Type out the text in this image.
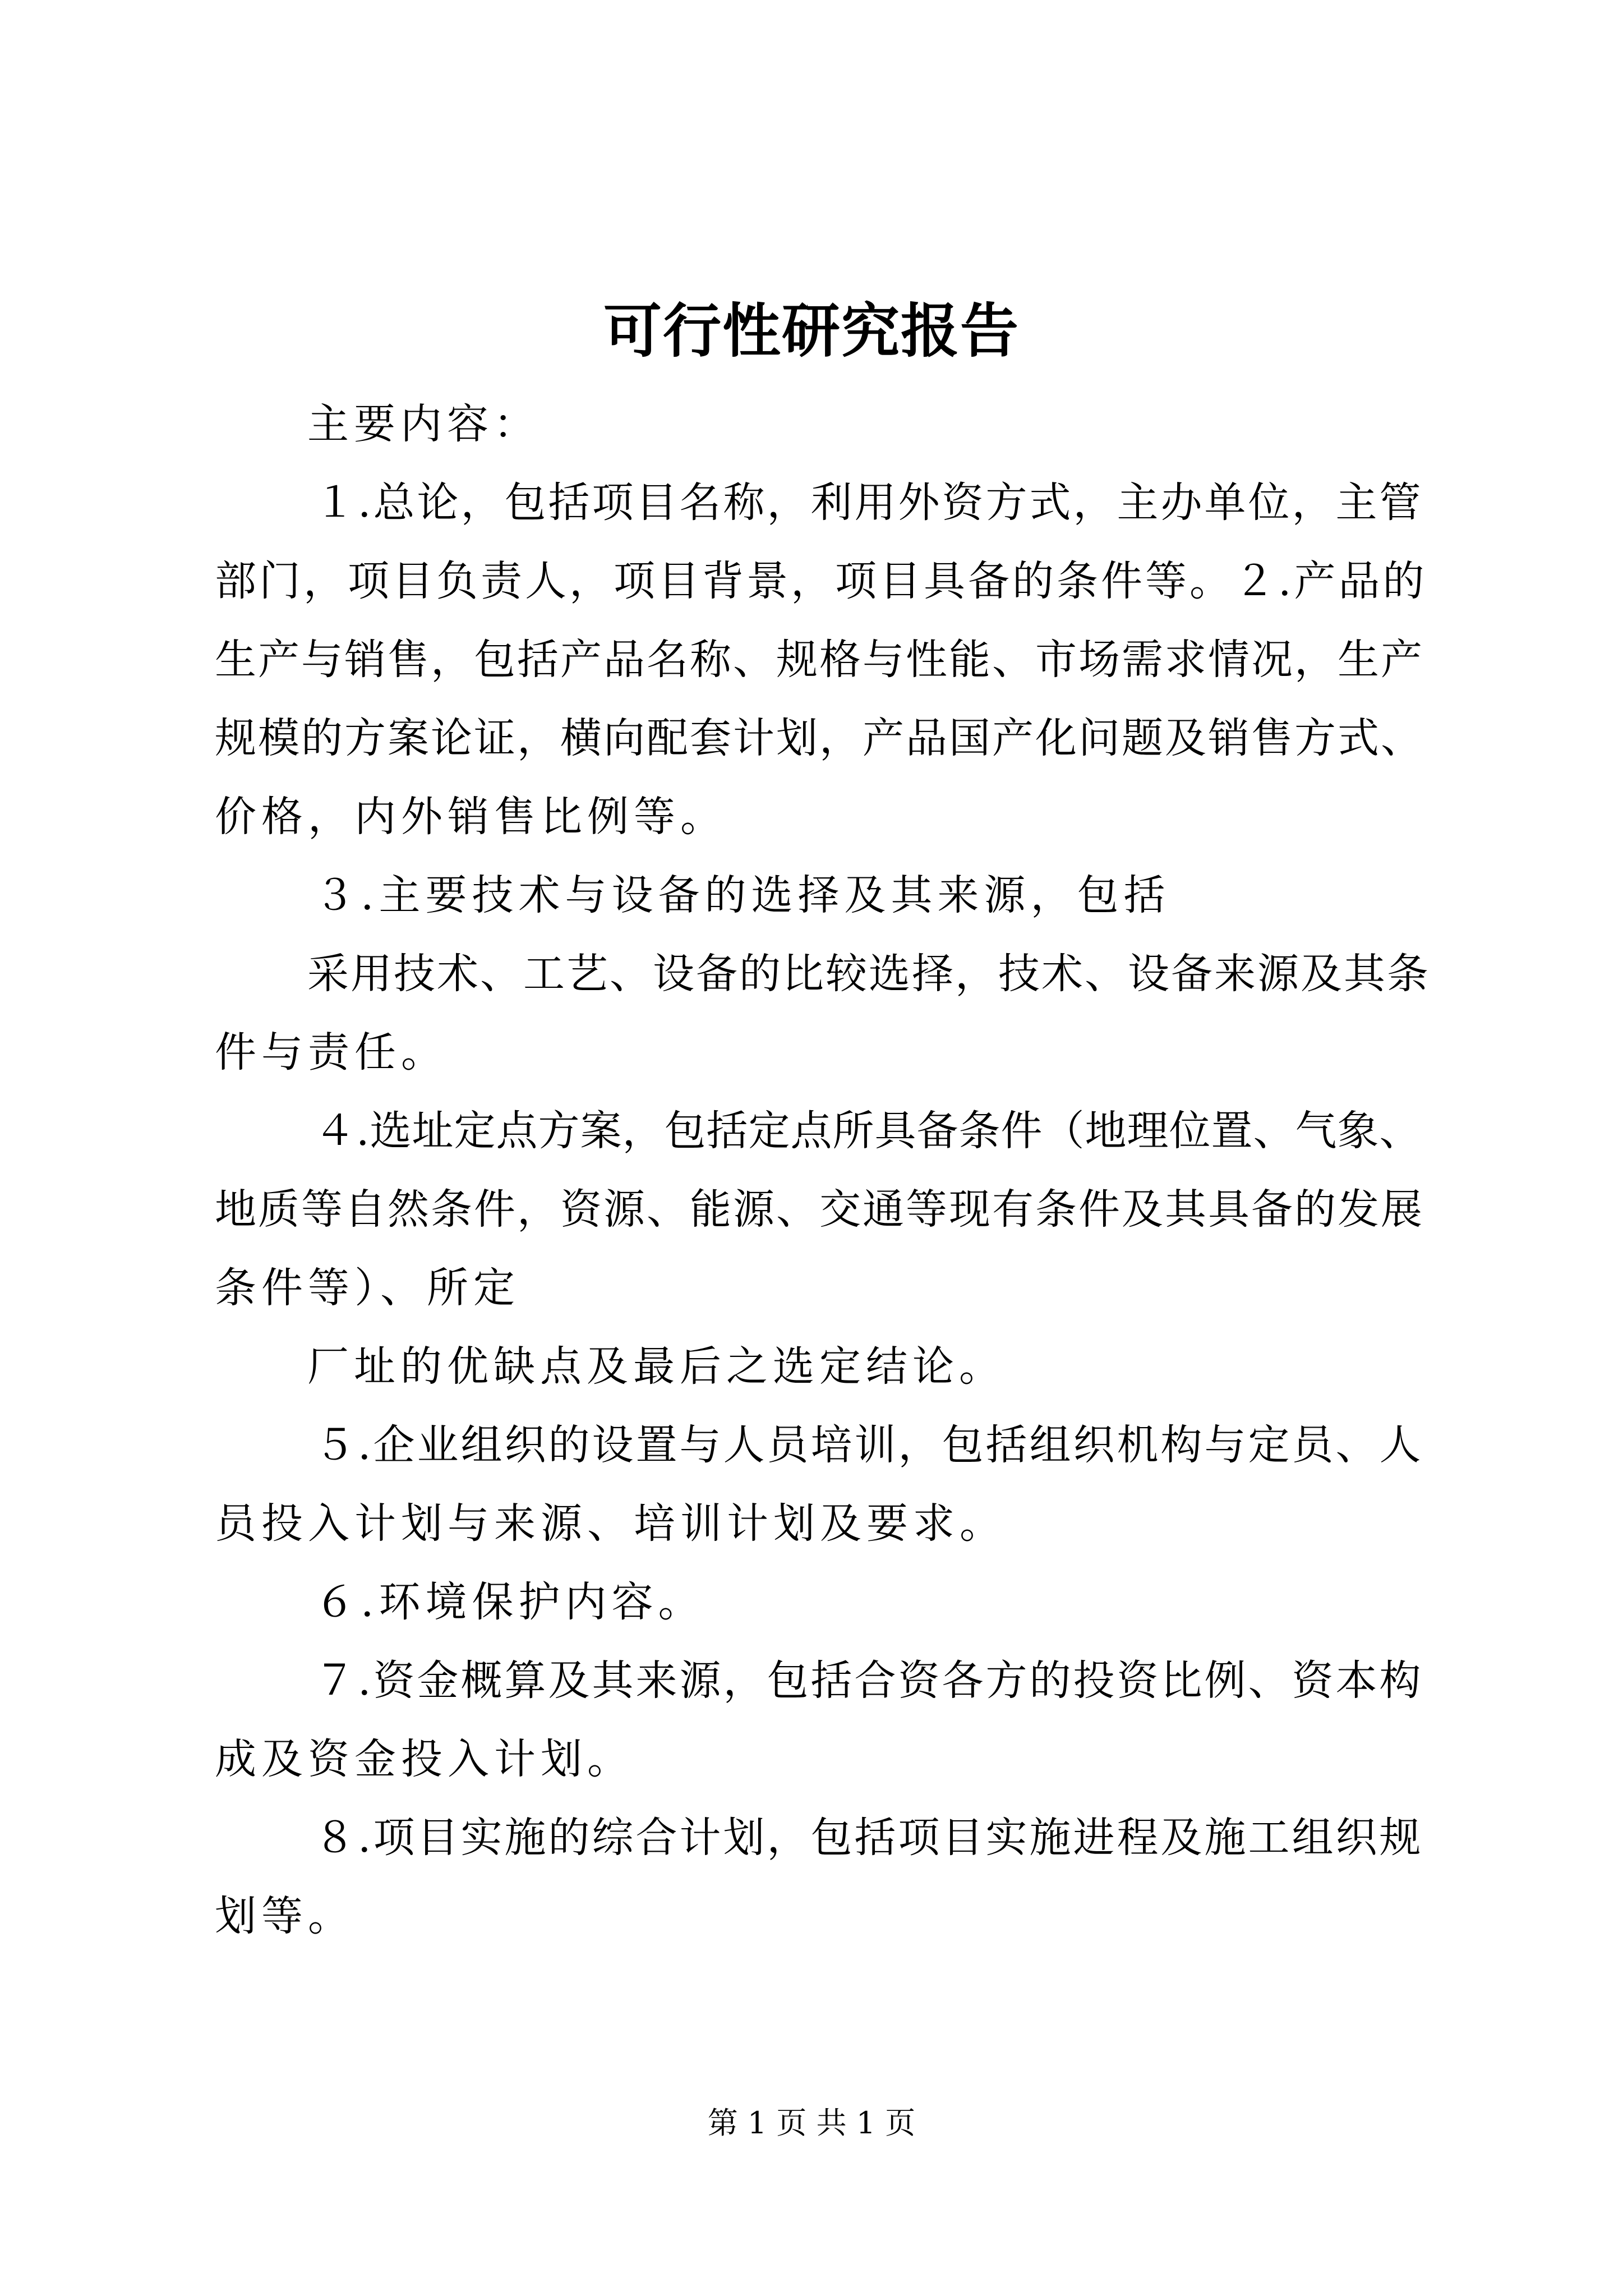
可行性研究报告
主要内容：
１.总论，包括项目名称，利用外资方式，主办单位，主管
部门，项目负责人，项目背景，项目具备的条件等。２.产品的
生产与销售，包括产品名称、规格与性能、市场需求情况，生产
规模的方案论证，横向配套计划，产品国产化问题及销售方式、
价格，内外销售比例等。
３.主要技术与设备的选择及其来源，包括
采用技术、工艺、设备的比较选择，技术、设备来源及其条
件与责任。
４.选址定点方案，包括定点所具备条件（地理位置、气象、
地质等自然条件，资源、能源、交通等现有条件及其具备的发展
条件等）、所定
厂址的优缺点及最后之选定结论。
５.企业组织的设置与人员培训，包括组织机构与定员、人
员投入计划与来源、培训计划及要求。
６.环境保护内容。
７.资金概算及其来源，包括合资各方的投资比例、资本构
成及资金投入计划。
８.项目实施的综合计划，包括项目实施进程及施工组织规
划等。
第 1 页 共 1 页
